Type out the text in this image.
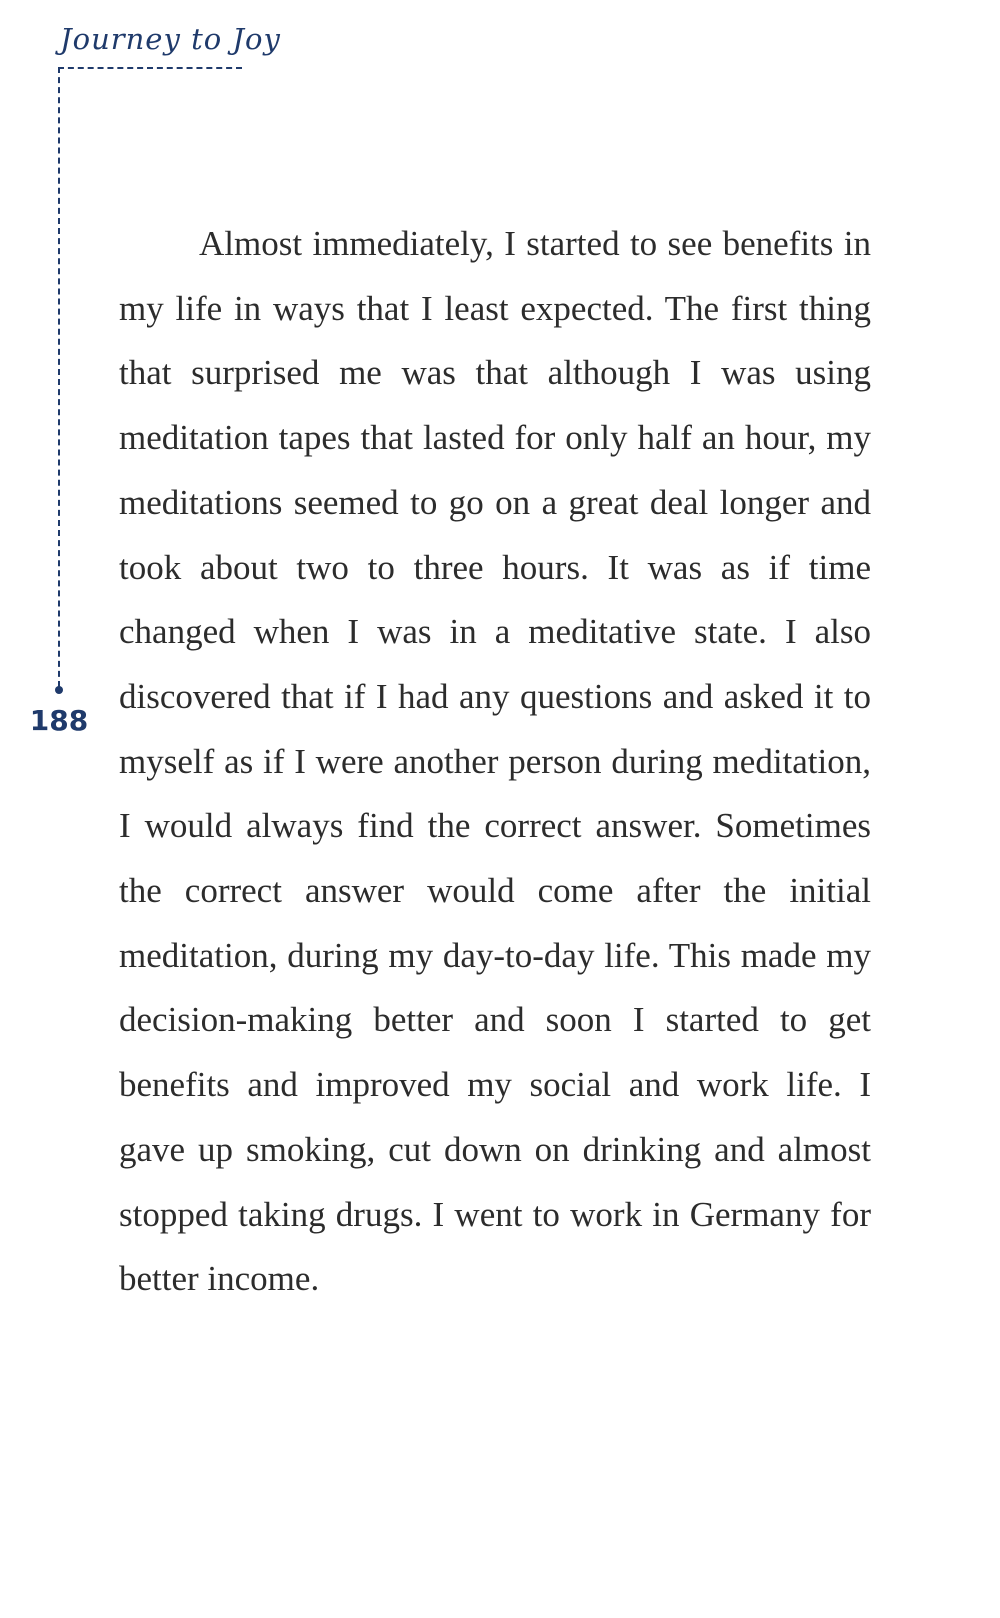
Journey to Joy
188

Almost immediately, I started to see benefits in my life in ways that I least expected. The first thing that surprised me was that although I was using meditation tapes that lasted for only half an hour, my meditations seemed to go on a great deal longer and took about two to three hours. It was as if time changed when I was in a meditative state. I also discovered that if I had any questions and asked it to myself as if I were another person during meditation, I would always find the correct answer. Sometimes the correct answer would come after the initial meditation, during my day-to-day life. This made my decision-making better and soon I started to get benefits and improved my social and work life. I gave up smoking, cut down on drinking and almost stopped taking drugs. I went to work in Germany for better income.
